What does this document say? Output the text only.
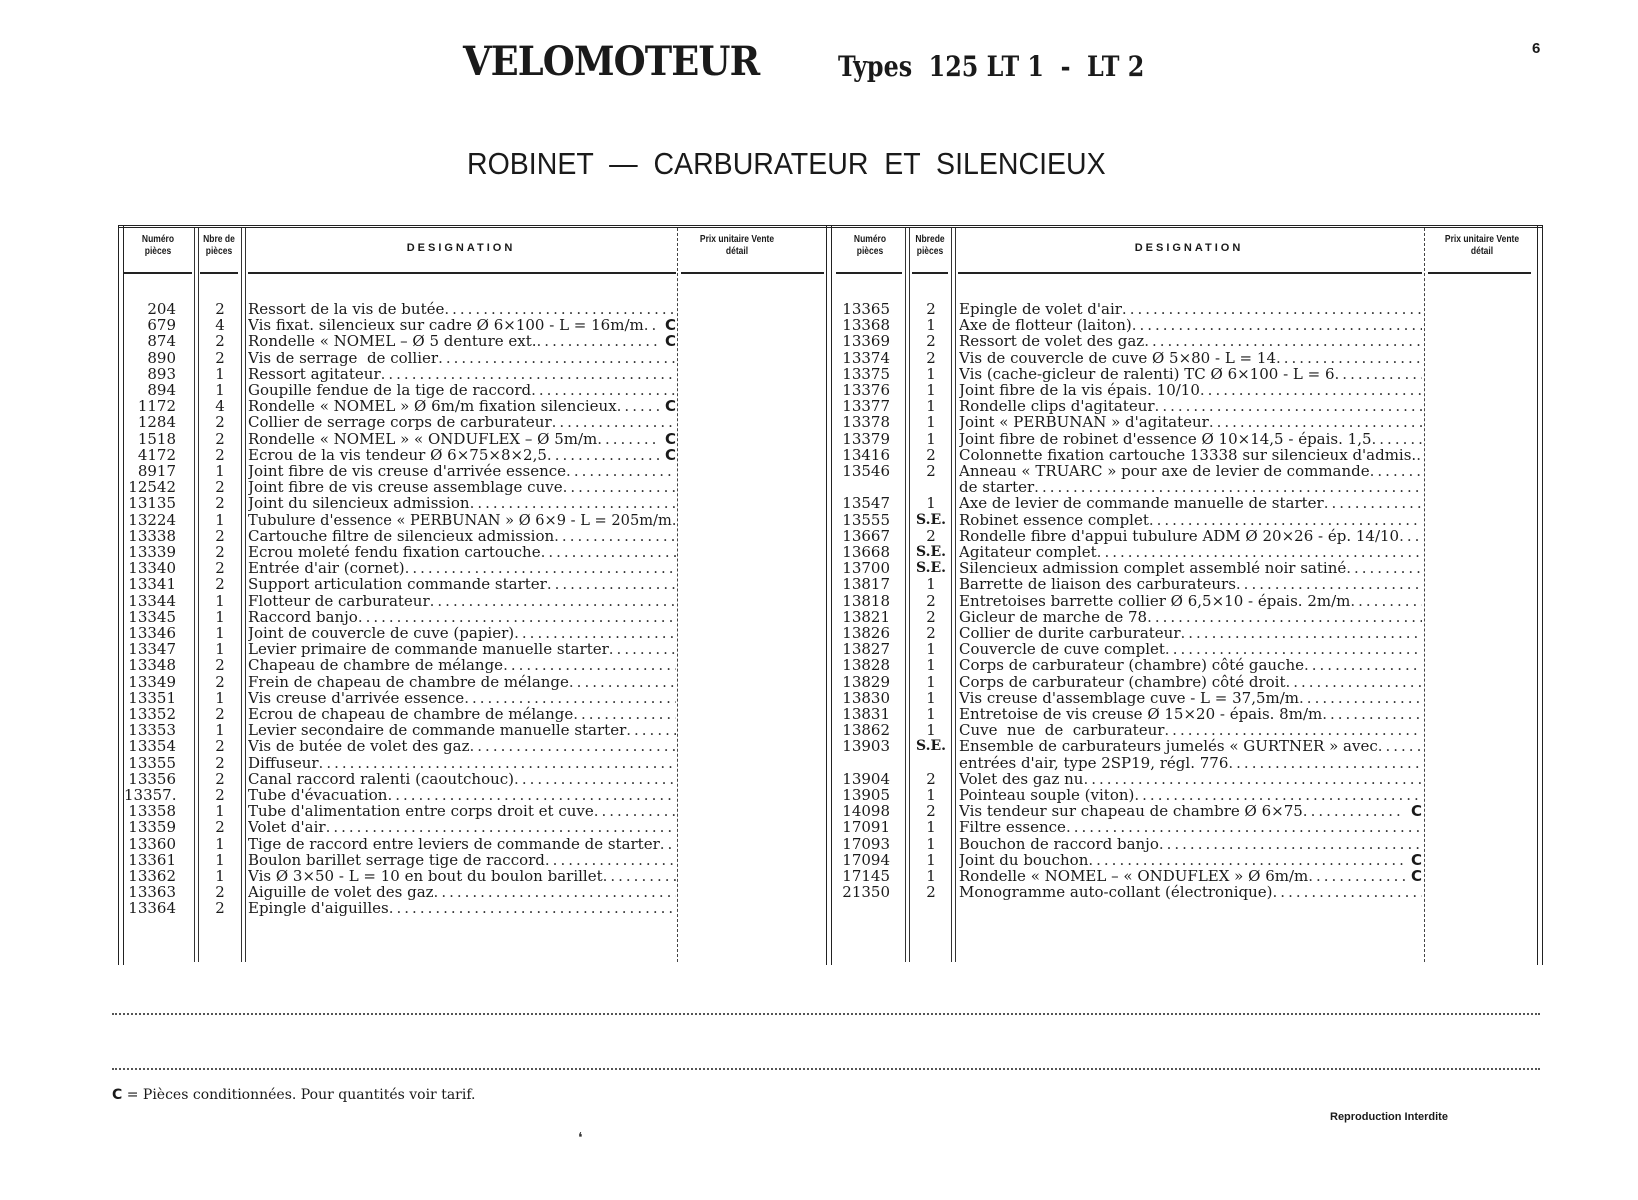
VELOMOTEUR	Types  125 LT 1  -  LT 2
6
ROBINET  —  CARBURATEUR  ET  SILENCIEUX
Numéro pièces
Nbre de pièces	DESIGNATION
Prix unitaire Vente détail
204	2	Ressort de la vis de butée
.....
679	4	Vis fixat. silencieux sur cadre Ø 6×100 - L = 16m/m .....	C
874	2	Rondelle « NOMEL – Ø 5 denture ext. .....	C
890	2	Vis de serrage  de collier
.....
893	1	Ressort agitateur
.....
894	1	Goupille fendue de la tige de raccord
.....
1172	4	Rondelle « NOMEL » Ø 6m/m fixation silencieux .....	C
1284	2	Collier de serrage corps de carburateur
.....
1518	2	Rondelle « NOMEL » « ONDUFLEX – Ø 5m/m .....	C
4172	2	Ecrou de la vis tendeur Ø 6×75×8×2,5 .....	C
8917	1	Joint fibre de vis creuse d'arrivée essence
.....
12542	2	Joint fibre de vis creuse assemblage cuve
.....
13135	2	Joint du silencieux admission
.....
13224	1	Tubulure d'essence « PERBUNAN » Ø 6×9 - L = 205m/m
.....
13338	2	Cartouche filtre de silencieux admission
.....
13339	2	Ecrou moleté fendu fixation cartouche
.....
13340	2	Entrée d'air (cornet)
.....
13341	2	Support articulation commande starter
.....
13344	1	Flotteur de carburateur
.....
13345	1	Raccord banjo
.....
13346	1	Joint de couvercle de cuve (papier)
.....
13347	1	Levier primaire de commande manuelle starter
.....
13348	2	Chapeau de chambre de mélange
.....
13349	2	Frein de chapeau de chambre de mélange
.....
13351	1	Vis creuse d'arrivée essence
.....
13352	2	Ecrou de chapeau de chambre de mélange
.....
13353	1	Levier secondaire de commande manuelle starter
.....
13354	2	Vis de butée de volet des gaz
.....
13355	2	Diffuseur
.....
13356	2	Canal raccord ralenti (caoutchouc)
.....
13357.	2	Tube d'évacuation
.....
13358	1	Tube d'alimentation entre corps droit et cuve
.....
13359	2	Volet d'air
.....
13360	1	Tige de raccord entre leviers de commande de starter
.....
13361	1	Boulon barillet serrage tige de raccord
.....
13362	1	Vis Ø 3×50 - L = 10 en bout du boulon barillet
.....
13363	2	Aiguille de volet des gaz
.....
13364	2	Epingle d'aiguilles
.....
Numéro pièces
Nbrede pièces	DESIGNATION
Prix unitaire Vente détail
13365	2	Epingle de volet d'air
.....
13368	1	Axe de flotteur (laiton)
.....
13369	2	Ressort de volet des gaz
.....
13374	2	Vis de couvercle de cuve Ø 5×80 - L = 14
.....
13375	1	Vis (cache-gicleur de ralenti) TC Ø 6×100 - L = 6
.....
13376	1	Joint fibre de la vis épais. 10/10
.....
13377	1	Rondelle clips d'agitateur
.....
13378	1	Joint « PERBUNAN » d'agitateur
.....
13379	1	Joint fibre de robinet d'essence Ø 10×14,5 - épais. 1,5
.....
13416	2	Colonnette fixation cartouche 13338 sur silencieux d'admis.
.....
13546	2	Anneau « TRUARC » pour axe de levier de commande
.....
de starter
.....
13547	1	Axe de levier de commande manuelle de starter
.....
13555 S.E. Robinet essence complet
.....
13667	2	Rondelle fibre d'appui tubulure ADM Ø 20×26 - ép. 14/10
.....
13668 S.E. Agitateur complet
.....
13700 S.E. Silencieux admission complet assemblé noir satiné
.....
13817	1	Barrette de liaison des carburateurs
.....
13818	2	Entretoises barrette collier Ø 6,5×10 - épais. 2m/m
.....
13821	2	Gicleur de marche de 78
.....
13826	2	Collier de durite carburateur
.....
13827	1	Couvercle de cuve complet
.....
13828	1	Corps de carburateur (chambre) côté gauche
.....
13829	1	Corps de carburateur (chambre) côté droit
.....
13830	1	Vis creuse d'assemblage cuve - L = 37,5m/m
.....
13831	1	Entretoise de vis creuse Ø 15×20 - épais. 8m/m
.....
13862	1	Cuve  nue  de  carburateur
.....
13903 S.E. Ensemble de carburateurs jumelés « GURTNER » avec
.....
entrées d'air, type 2SP19, régl. 776
.....
13904	2	Volet des gaz nu
.....
13905	1	Pointeau souple (viton)
.....
14098	2	Vis tendeur sur chapeau de chambre Ø 6×75 .....	C
17091	1	Filtre essence
.....
17093	1	Bouchon de raccord banjo
.....
17094	1	Joint du bouchon .....	C
17145	1	Rondelle « NOMEL – « ONDUFLEX » Ø 6m/m .....	C
21350	2	Monogramme auto-collant (électronique)
.....
C = Pièces conditionnées. Pour quantités voir tarif.
Reproduction Interdite
❛
